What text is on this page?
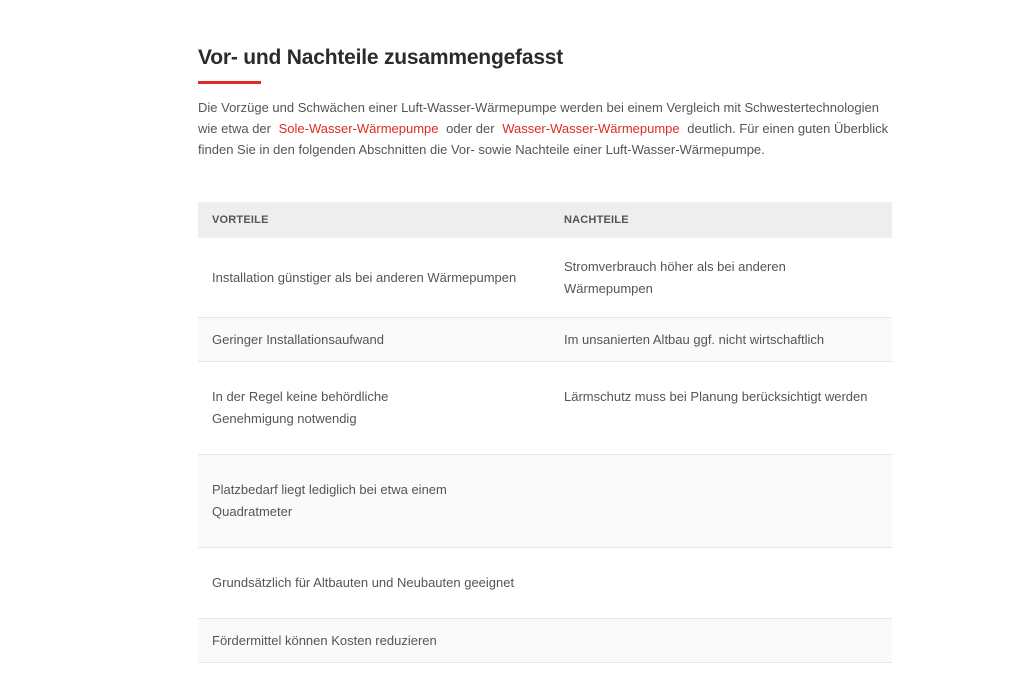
Vor- und Nachteile zusammengefasst

Die Vorzüge und Schwächen einer Luft-Wasser-Wärmepumpe werden bei einem Vergleich mit Schwestertechnologien wie etwa der Sole-Wasser-Wärmepumpe oder der Wasser-Wasser-Wärmepumpe deutlich. Für einen guten Überblick finden Sie in den folgenden Abschnitten die Vor- sowie Nachteile einer Luft-Wasser-Wärmepumpe.

VORTEILE	NACHTEILE
Installation günstiger als bei anderen Wärmepumpen
Stromverbrauch höher als bei anderen Wärmepumpen
Geringer Installationsaufwand	Im unsanierten Altbau ggf. nicht wirtschaftlich
In der Regel keine behördliche Genehmigung notwendig
Lärmschutz muss bei Planung berücksichtigt werden
Platzbedarf liegt lediglich bei etwa einem Quadratmeter
Grundsätzlich für Altbauten und Neubauten geeignet
Fördermittel können Kosten reduzieren
